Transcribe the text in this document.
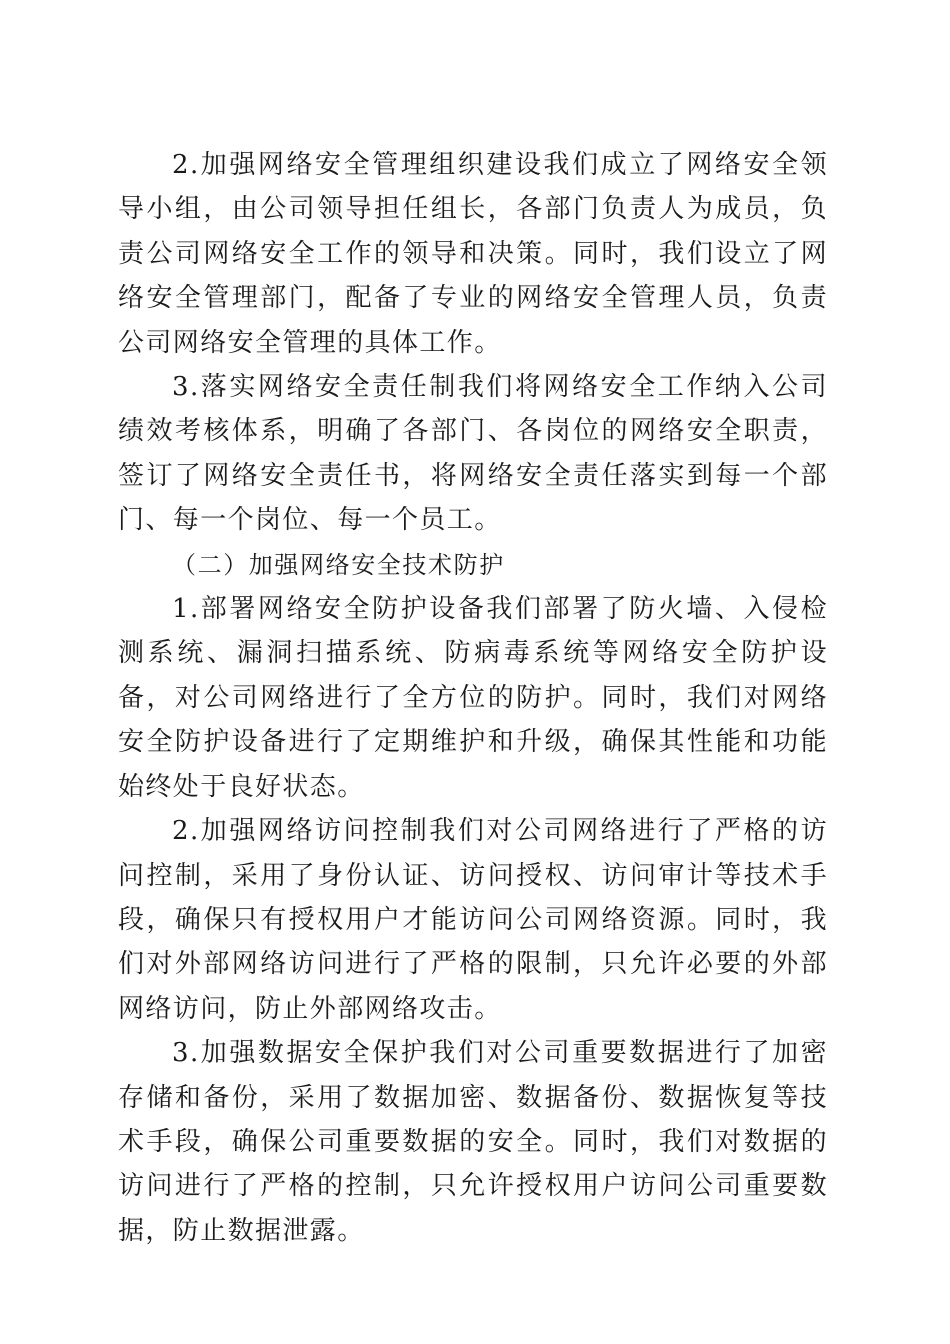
2.加强网络安全管理组织建设我们成立了网络安全领导小组，由公司领导担任组长，各部门负责人为成员，负责公司网络安全工作的领导和决策。同时，我们设立了网络安全管理部门，配备了专业的网络安全管理人员，负责公司网络安全管理的具体工作。

3.落实网络安全责任制我们将网络安全工作纳入公司绩效考核体系，明确了各部门、各岗位的网络安全职责，签订了网络安全责任书，将网络安全责任落实到每一个部门、每一个岗位、每一个员工。

（二）加强网络安全技术防护

1.部署网络安全防护设备我们部署了防火墙、入侵检测系统、漏洞扫描系统、防病毒系统等网络安全防护设备，对公司网络进行了全方位的防护。同时，我们对网络安全防护设备进行了定期维护和升级，确保其性能和功能始终处于良好状态。

2.加强网络访问控制我们对公司网络进行了严格的访问控制，采用了身份认证、访问授权、访问审计等技术手段，确保只有授权用户才能访问公司网络资源。同时，我们对外部网络访问进行了严格的限制，只允许必要的外部网络访问，防止外部网络攻击。

3.加强数据安全保护我们对公司重要数据进行了加密存储和备份，采用了数据加密、数据备份、数据恢复等技术手段，确保公司重要数据的安全。同时，我们对数据的访问进行了严格的控制，只允许授权用户访问公司重要数据，防止数据泄露。
